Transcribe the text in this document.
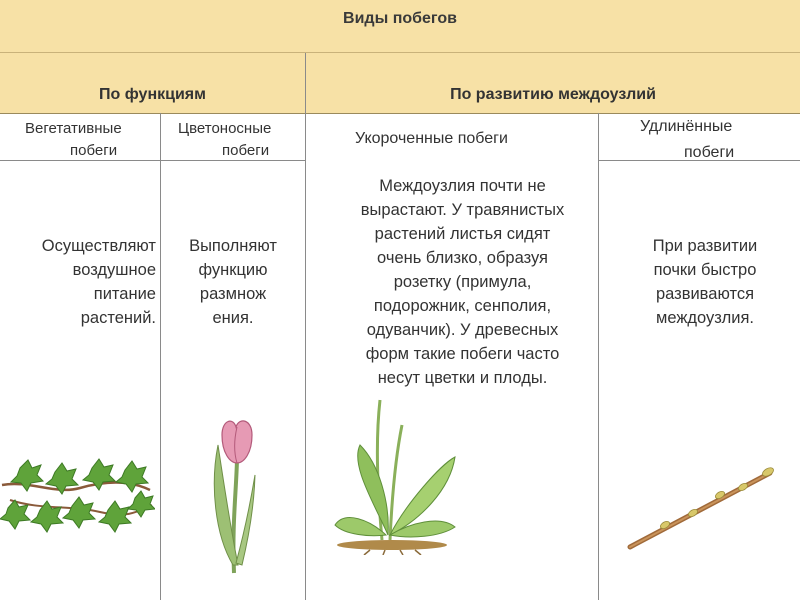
Виды побегов
По функциям	По развитию междоузлий
Вегетативные
побеги
Цветоносные
побеги
Укороченные побеги
Удлинённые
побеги
Осуществляют
воздушное
питание
растений.
Выполняют
функцию
размнож
ения.
Междоузлия почти не
вырастают. У травянистых
растений листья сидят
очень близко, образуя
розетку (примула,
подорожник, сенполия,
одуванчик). У древесных
форм такие побеги часто
несут цветки и плоды.
При развитии
почки быстро
развиваются
междоузлия.
